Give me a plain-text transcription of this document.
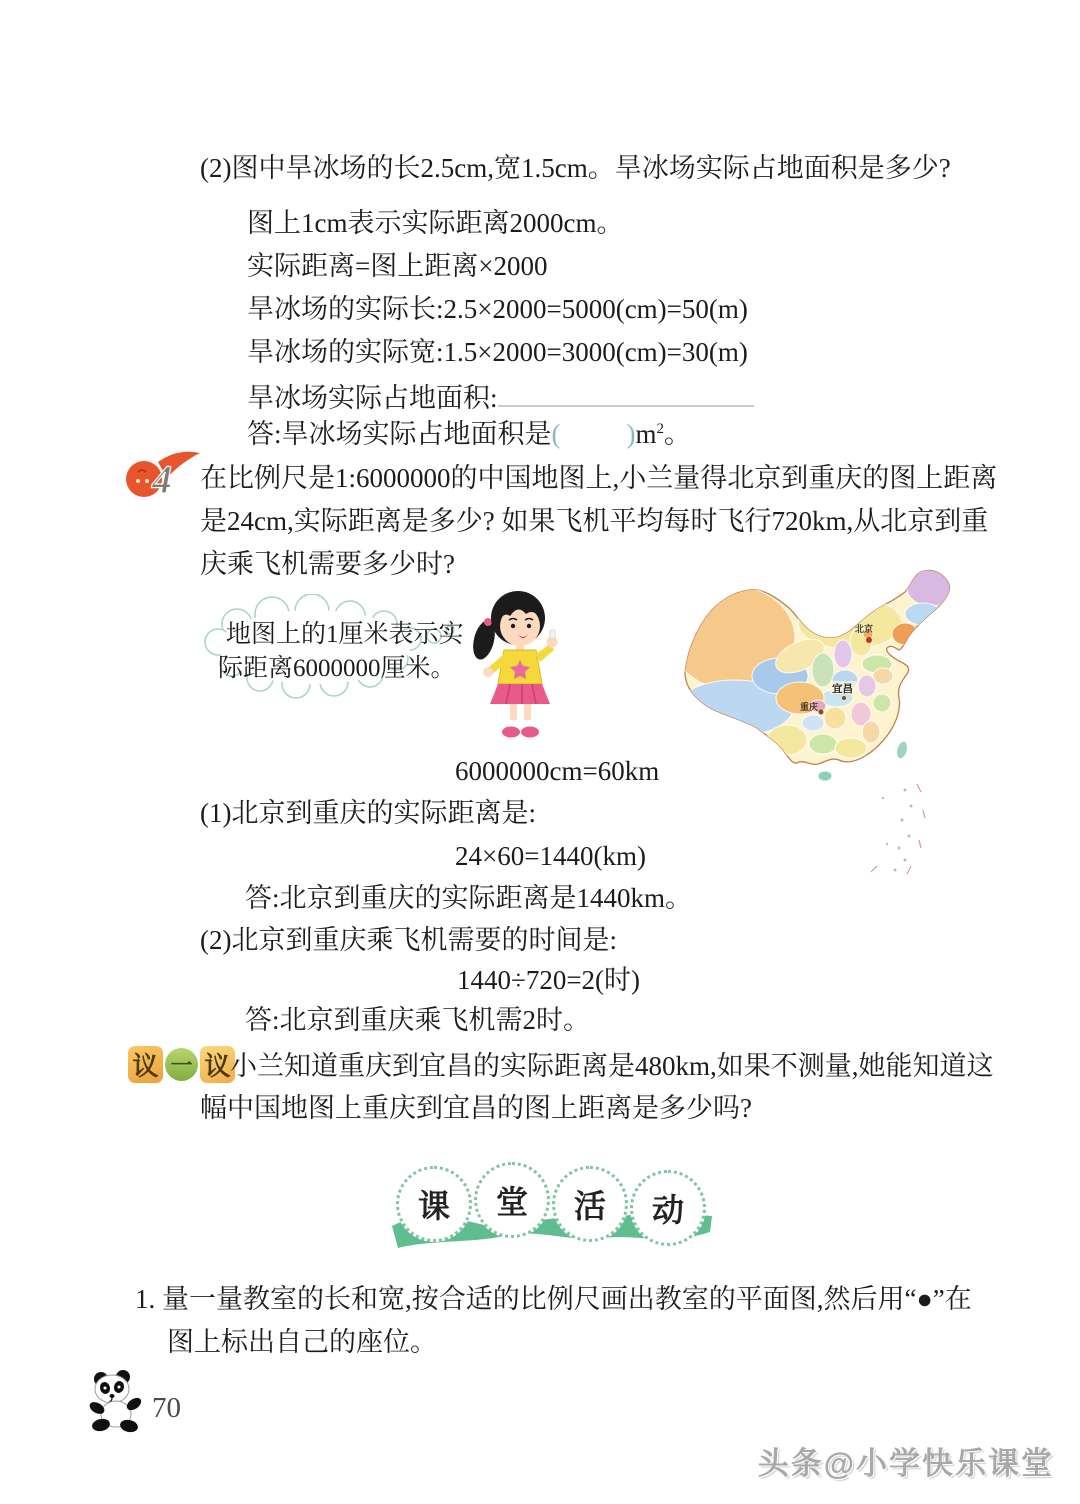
(2)图中旱冰场的长2.5cm,宽1.5cm。旱冰场实际占地面积是多少?
图上1cm表示实际距离2000cm。
实际距离=图上距离×2000
旱冰场的实际长:2.5×2000=5000(cm)=50(m)
旱冰场的实际宽:1.5×2000=3000(cm)=30(m)
旱冰场实际占地面积:
答:旱冰场实际占地面积是( )$m^2$。
4 在比例尺是1:6000000的中国地图上,小兰量得北京到重庆的图上距离
是24cm,实际距离是多少? 如果飞机平均每时飞行720km,从北京到重
庆乘飞机需要多少时?
地图上的1厘米表示实
际距离6000000厘米。
北京
宜昌
重庆
6000000cm=60km
(1)北京到重庆的实际距离是:
24×60=1440(km)
答:北京到重庆的实际距离是1440km。
(2)北京到重庆乘飞机需要的时间是:
1440÷720=2(时)
答:北京到重庆乘飞机需2时。
议 一 议 小兰知道重庆到宜昌的实际距离是480km,如果不测量,她能知道这
幅中国地图上重庆到宜昌的图上距离是多少吗?
课 堂 活 动
1. 量一量教室的长和宽,按合适的比例尺画出教室的平面图,然后用“●”在
图上标出自己的座位。
70
头条@小学快乐课堂
